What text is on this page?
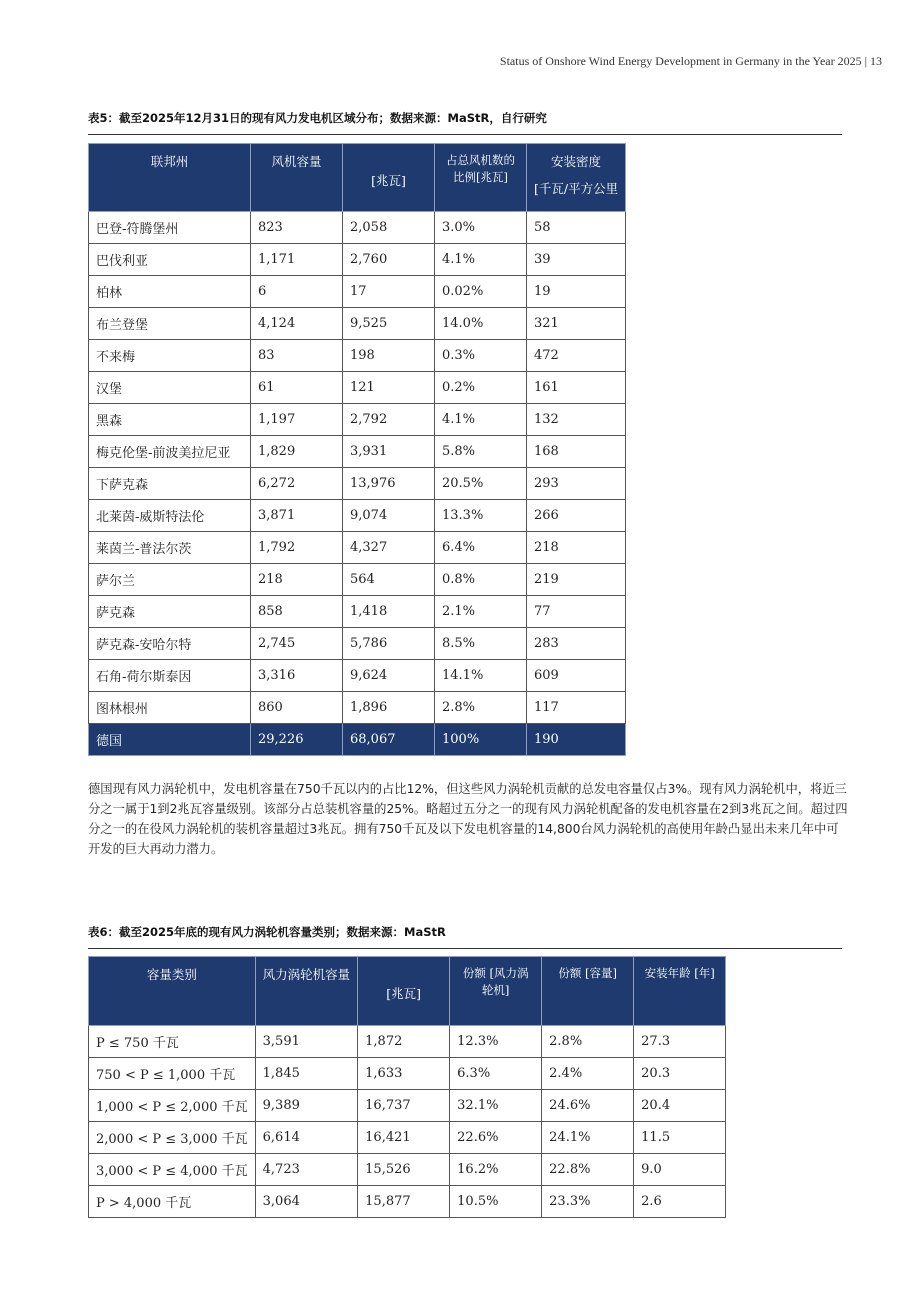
Status of Onshore Wind Energy Development in Germany in the Year 2025 | 13
表5：截至2025年12月31日的现有风力发电机区域分布；数据来源：MaStR，自行研究
联邦州	风机容量	[兆瓦]	占总风机数的比例[兆瓦]	安装密度
[千瓦/平方公里

巴登-符腾堡州	823	2,058	3.0%	58
巴伐利亚	1,171	2,760	4.1%	39
柏林	6	17	0.02%	19
布兰登堡	4,124	9,525	14.0%	321
不来梅	83	198	0.3%	472
汉堡	61	121	0.2%	161
黑森	1,197	2,792	4.1%	132
梅克伦堡-前波美拉尼亚	1,829	3,931	5.8%	168
下萨克森	6,272	13,976	20.5%	293
北莱茵-威斯特法伦	3,871	9,074	13.3%	266
莱茵兰-普法尔茨	1,792	4,327	6.4%	218
萨尔兰	218	564	0.8%	219
萨克森	858	1,418	2.1%	77
萨克森-安哈尔特	2,745	5,786	8.5%	283
石角-荷尔斯泰因	3,316	9,624	14.1%	609
图林根州	860	1,896	2.8%	117
德国	29,226	68,067	100%	190

德国现有风力涡轮机中，发电机容量在750千瓦以内的占比12%，但这些风力涡轮机贡献的总发电容量仅占3%。现有风力涡轮机中，将近三分之一属于1到2兆瓦容量级别。该部分占总装机容量的25%。略超过五分之一的现有风力涡轮机配备的发电机容量在2到3兆瓦之间。超过四分之一的在役风力涡轮机的装机容量超过3兆瓦。拥有750千瓦及以下发电机容量的14,800台风力涡轮机的高使用年龄凸显出未来几年中可开发的巨大再动力潜力。

表6：截至2025年底的现有风力涡轮机容量类别；数据来源：MaStR
容量类别	风力涡轮机容量	[兆瓦]	份额 [风力涡轮机]	份额 [容量]	安装年龄 [年]
P ≤ 750 千瓦	3,591	1,872	12.3%	2.8%	27.3
750 < P ≤ 1,000 千瓦	1,845	1,633	6.3%	2.4%	20.3
1,000 < P ≤ 2,000 千瓦	9,389	16,737	32.1%	24.6%	20.4
2,000 < P ≤ 3,000 千瓦	6,614	16,421	22.6%	24.1%	11.5
3,000 < P ≤ 4,000 千瓦	4,723	15,526	16.2%	22.8%	9.0
P > 4,000 千瓦	3,064	15,877	10.5%	23.3%	2.6
